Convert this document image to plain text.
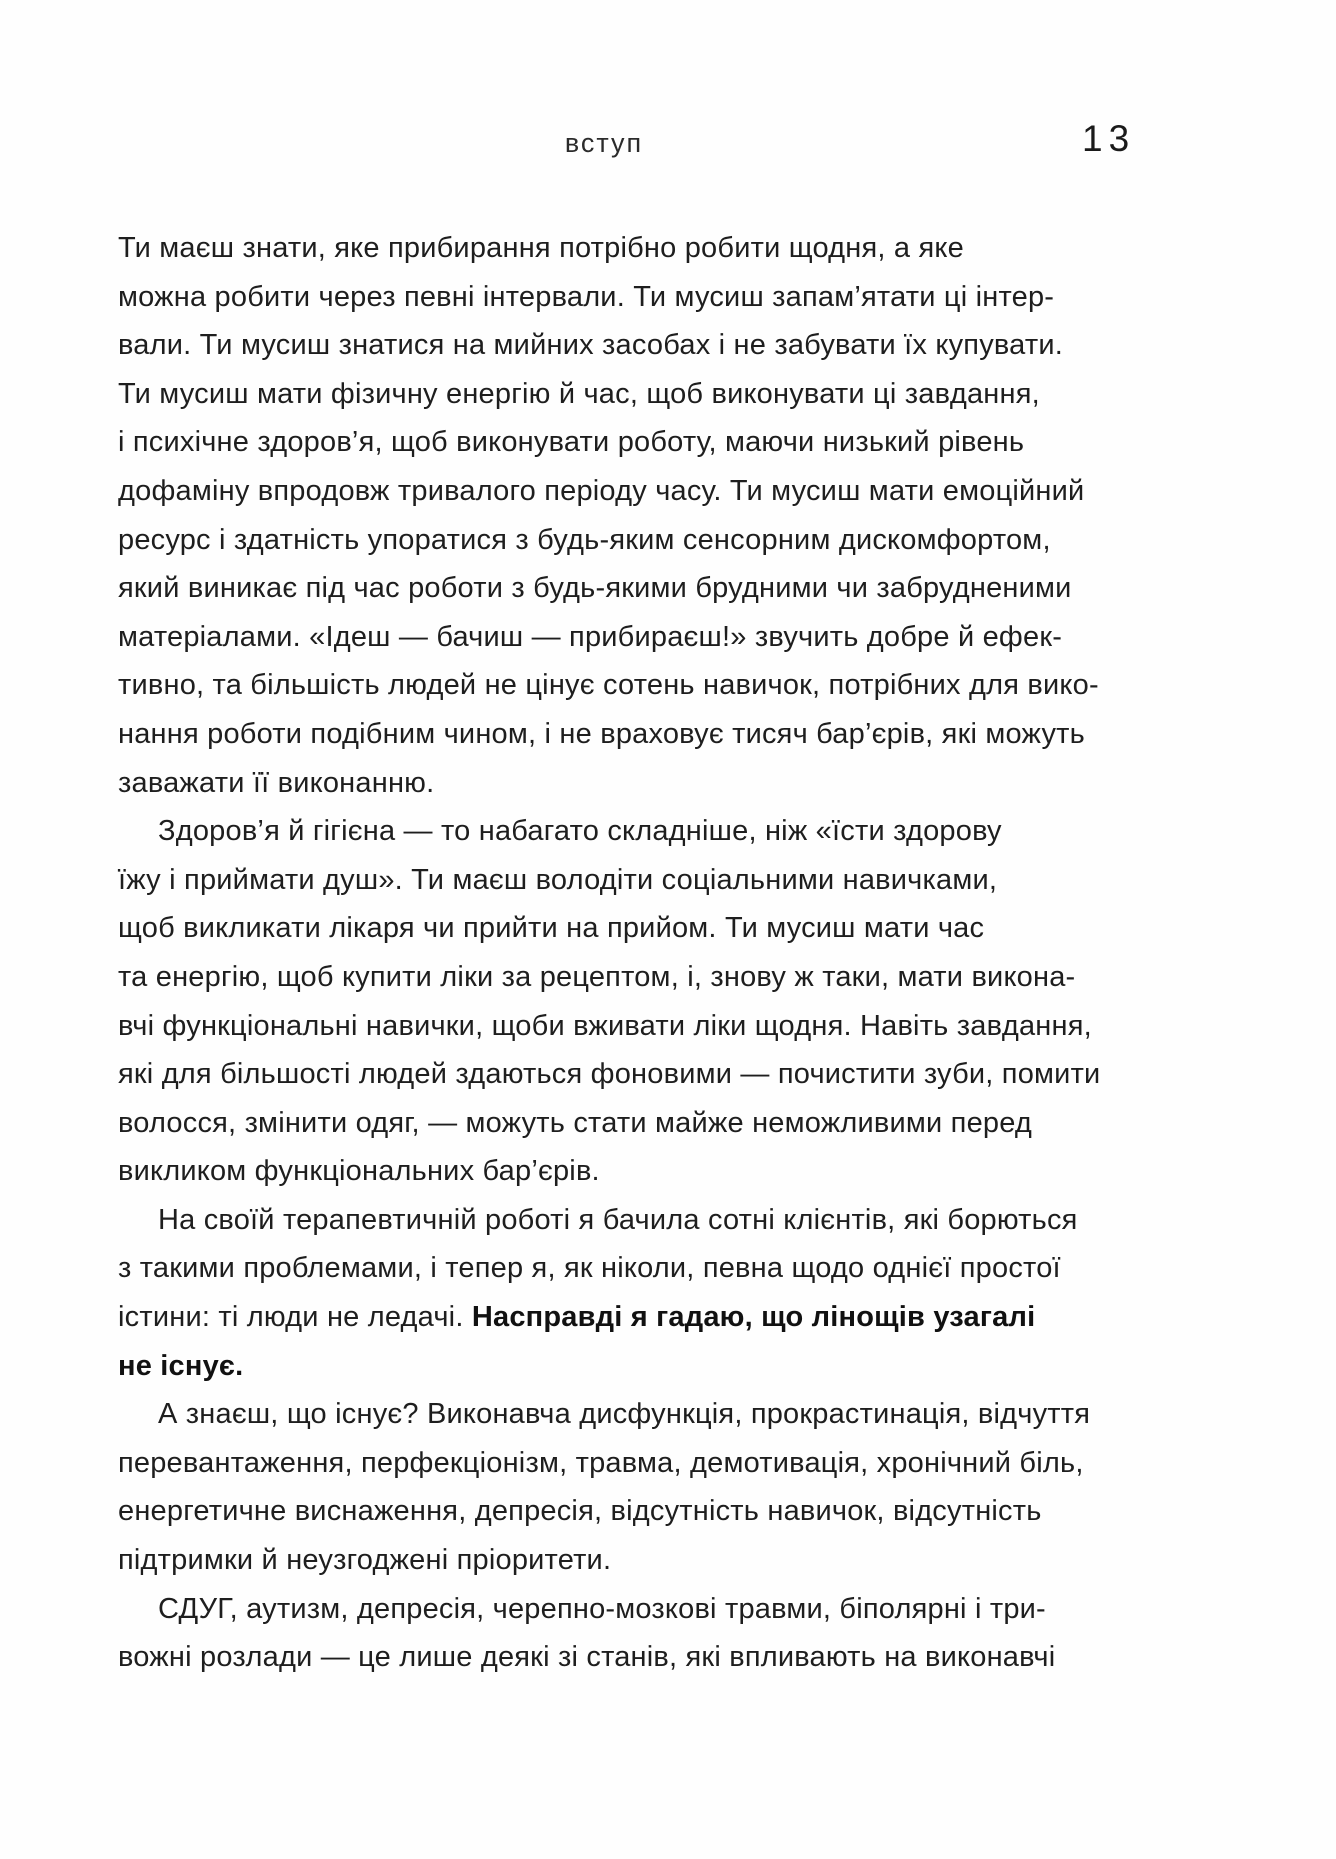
вступ	13
Ти маєш знати, яке прибирання потрібно робити щодня, а яке
можна робити через певні інтервали. Ти мусиш запам’ятати ці інтер-
вали. Ти мусиш знатися на мийних засобах і не забувати їх купувати.
Ти мусиш мати фізичну енергію й час, щоб виконувати ці завдання,
і психічне здоров’я, щоб виконувати роботу, маючи низький рівень
дофаміну впродовж тривалого періоду часу. Ти мусиш мати емоційний
ресурс і здатність упоратися з будь-яким сенсорним дискомфортом,
який виникає під час роботи з будь-якими брудними чи забрудненими
матеріалами. «Ідеш — бачиш — прибираєш!» звучить добре й ефек-
тивно, та більшість людей не цінує сотень навичок, потрібних для вико-
нання роботи подібним чином, і не враховує тисяч бар’єрів, які можуть
заважати її виконанню.
Здоров’я й гігієна — то набагато складніше, ніж «їсти здорову
їжу і приймати душ». Ти маєш володіти соціальними навичками,
щоб викликати лікаря чи прийти на прийом. Ти мусиш мати час
та енергію, щоб купити ліки за рецептом, і, знову ж таки, мати викона-
вчі функціональні навички, щоби вживати ліки щодня. Навіть завдання,
які для більшості людей здаються фоновими — почистити зуби, помити
волосся, змінити одяг, — можуть стати майже неможливими перед
викликом функціональних бар’єрів.
На своїй терапевтичній роботі я бачила сотні клієнтів, які борються
з такими проблемами, і тепер я, як ніколи, певна щодо однієї простої
істини: ті люди не ледачі. Насправді я гадаю, що лінощів узагалі
не існує.
А знаєш, що існує? Виконавча дисфункція, прокрастинація, відчуття
перевантаження, перфекціонізм, травма, демотивація, хронічний біль,
енергетичне виснаження, депресія, відсутність навичок, відсутність
підтримки й неузгоджені пріоритети.
СДУГ, аутизм, депресія, черепно-мозкові травми, біполярні і три-
вожні розлади — це лише деякі зі станів, які впливають на виконавчі
